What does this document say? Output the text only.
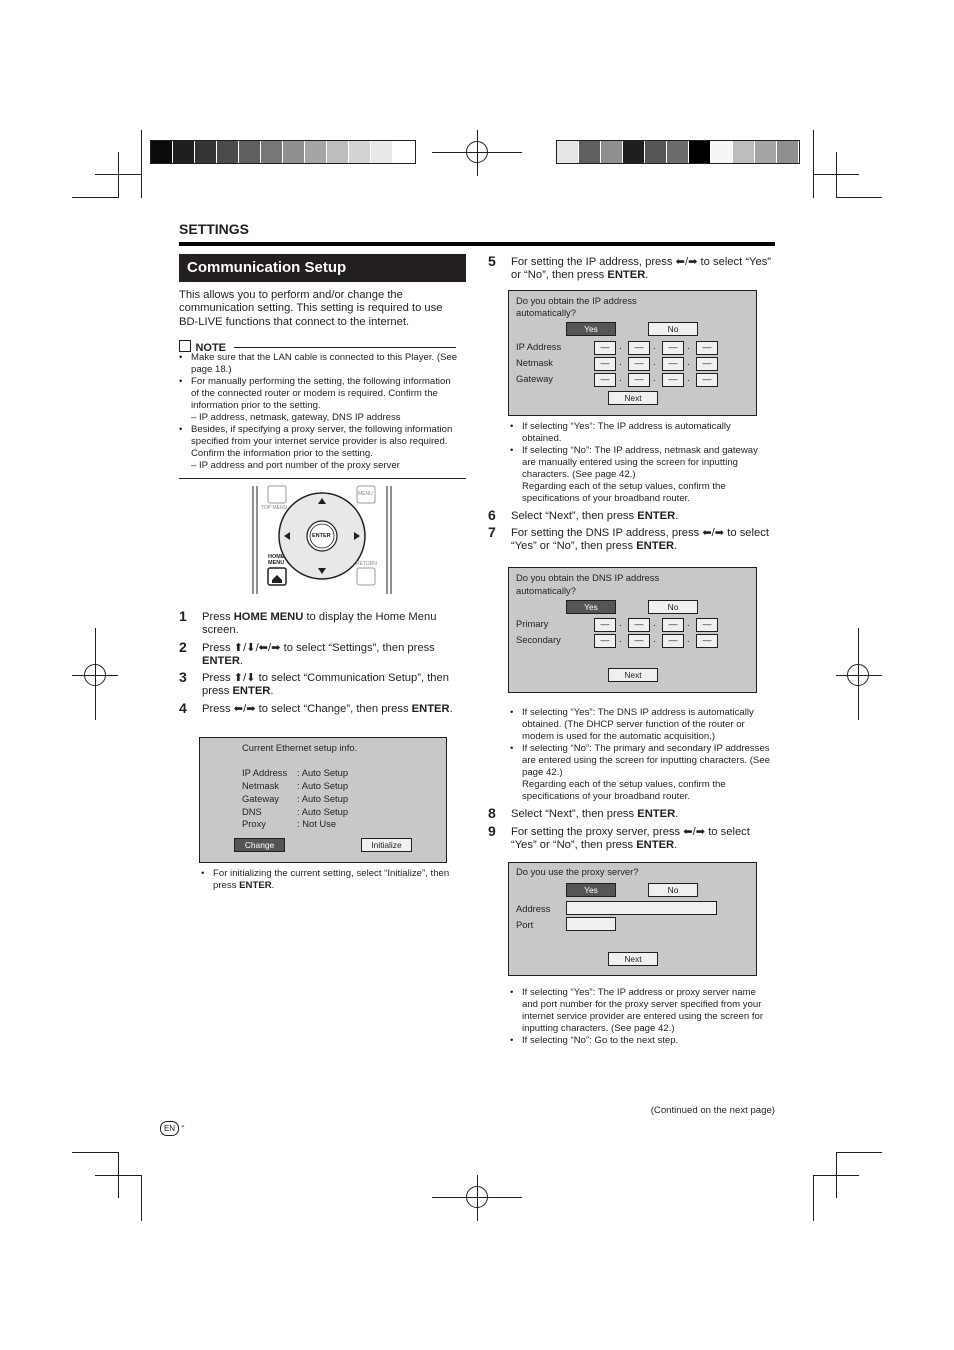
SETTINGS
Communication Setup
This allows you to perform and/or change the communication setting. This setting is required to use BD-LIVE functions that connect to the internet.
NOTE
• Make sure that the LAN cable is connected to this Player. (See page 18.)
• For manually performing the setting, the following information of the connected router or modem is required. Confirm the information prior to the setting.
– IP address, netmask, gateway, DNS IP address
• Besides, if specifying a proxy server, the following information specified from your internet service provider is also required. Confirm the information prior to the setting.
– IP address and port number of the proxy server
TOP MENU
MENU
ENTER
HOME
MENU	RETURN
1 Press HOME MENU to display the Home Menu screen.
2 Press ⬆/⬇/⬅/➡ to select “Settings”, then press ENTER.
3 Press ⬆/⬇ to select “Communication Setup”, then press ENTER.
4 Press ⬅/➡ to select “Change”, then press ENTER.
Current Ethernet setup info.
IP Address : Auto Setup
Netmask : Auto Setup
Gateway : Auto Setup
DNS	: Auto Setup
Proxy	: Not Use
Change	Initialize
• For initializing the current setting, select “Initialize”, then press ENTER.
5 For setting the IP address, press ⬅/➡ to select “Yes” or “No”, then press ENTER.
Do you obtain the IP address
automatically?
Yes	No
IP Address	— .	— .	— .	—
Netmask	— .	— .	— .	—
Gateway	— .	— .	— .	—
Next
• If selecting “Yes”: The IP address is automatically obtained.
• If selecting “No”: The IP address, netmask and gateway are manually entered using the screen for inputting characters. (See page 42.)
Regarding each of the setup values, confirm the specifications of your broadband router.
6 Select “Next”, then press ENTER.
7 For setting the DNS IP address, press ⬅/➡ to select “Yes” or “No”, then press ENTER.
Do you obtain the DNS IP address
automatically?
Yes	No
Primary	— .	— .	— .	—
Secondary	— .	— .	— .	—
Next
• If selecting “Yes”: The DNS IP address is automatically obtained. (The DHCP server function of the router or modem is used for the automatic acquisition.)
• If selecting “No”: The primary and secondary IP addresses are entered using the screen for inputting characters. (See page 42.)
Regarding each of the setup values, confirm the specifications of your broadband router.
8 Select “Next”, then press ENTER.
9 For setting the proxy server, press ⬅/➡ to select “Yes” or “No”, then press ENTER.
Do you use the proxy server?
Yes	No
Address
Port
Next
• If selecting “Yes”: The IP address or proxy server name and port number for the proxy server specified from your internet service provider are entered using the screen for inputting characters. (See page 42.)
• If selecting “No”: Go to the next step.
(Continued on the next page)
EN -
